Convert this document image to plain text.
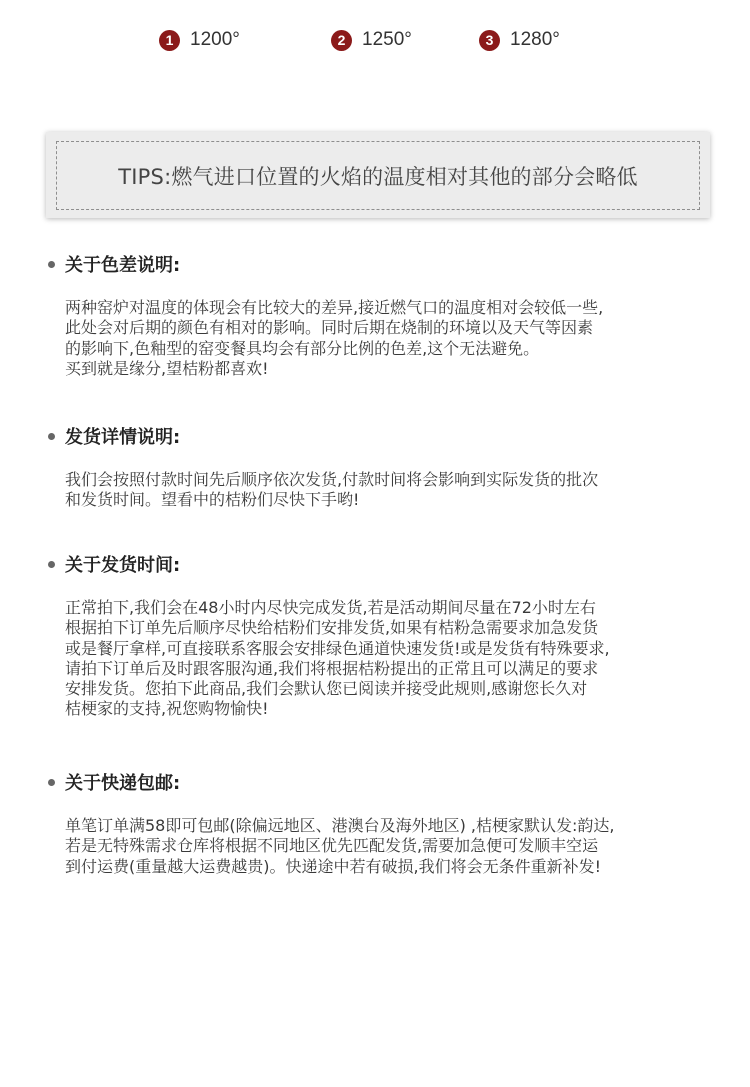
1 1200°	2 1250°	3 1280°
TIPS:燃气进口位置的火焰的温度相对其他的部分会略低
关于色差说明:

两种窑炉对温度的体现会有比较大的差异,接近燃气口的温度相对会较低一些,

此处会对后期的颜色有相对的影响。同时后期在烧制的环境以及天气等因素

的影响下,色釉型的窑变餐具均会有部分比例的色差,这个无法避免。

买到就是缘分,望桔粉都喜欢!

发货详情说明:

我们会按照付款时间先后顺序依次发货,付款时间将会影响到实际发货的批次

和发货时间。望看中的桔粉们尽快下手哟!

关于发货时间:

正常拍下,我们会在48小时内尽快完成发货,若是活动期间尽量在72小时左右

根据拍下订单先后顺序尽快给桔粉们安排发货,如果有桔粉急需要求加急发货

或是餐厅拿样,可直接联系客服会安排绿色通道快速发货!或是发货有特殊要求,

请拍下订单后及时跟客服沟通,我们将根据桔粉提出的正常且可以满足的要求

安排发货。您拍下此商品,我们会默认您已阅读并接受此规则,感谢您长久对

桔梗家的支持,祝您购物愉快!

关于快递包邮:

单笔订单满58即可包邮(除偏远地区、港澳台及海外地区) ,桔梗家默认发:韵达,

若是无特殊需求仓库将根据不同地区优先匹配发货,需要加急便可发顺丰空运

到付运费(重量越大运费越贵)。快递途中若有破损,我们将会无条件重新补发!
